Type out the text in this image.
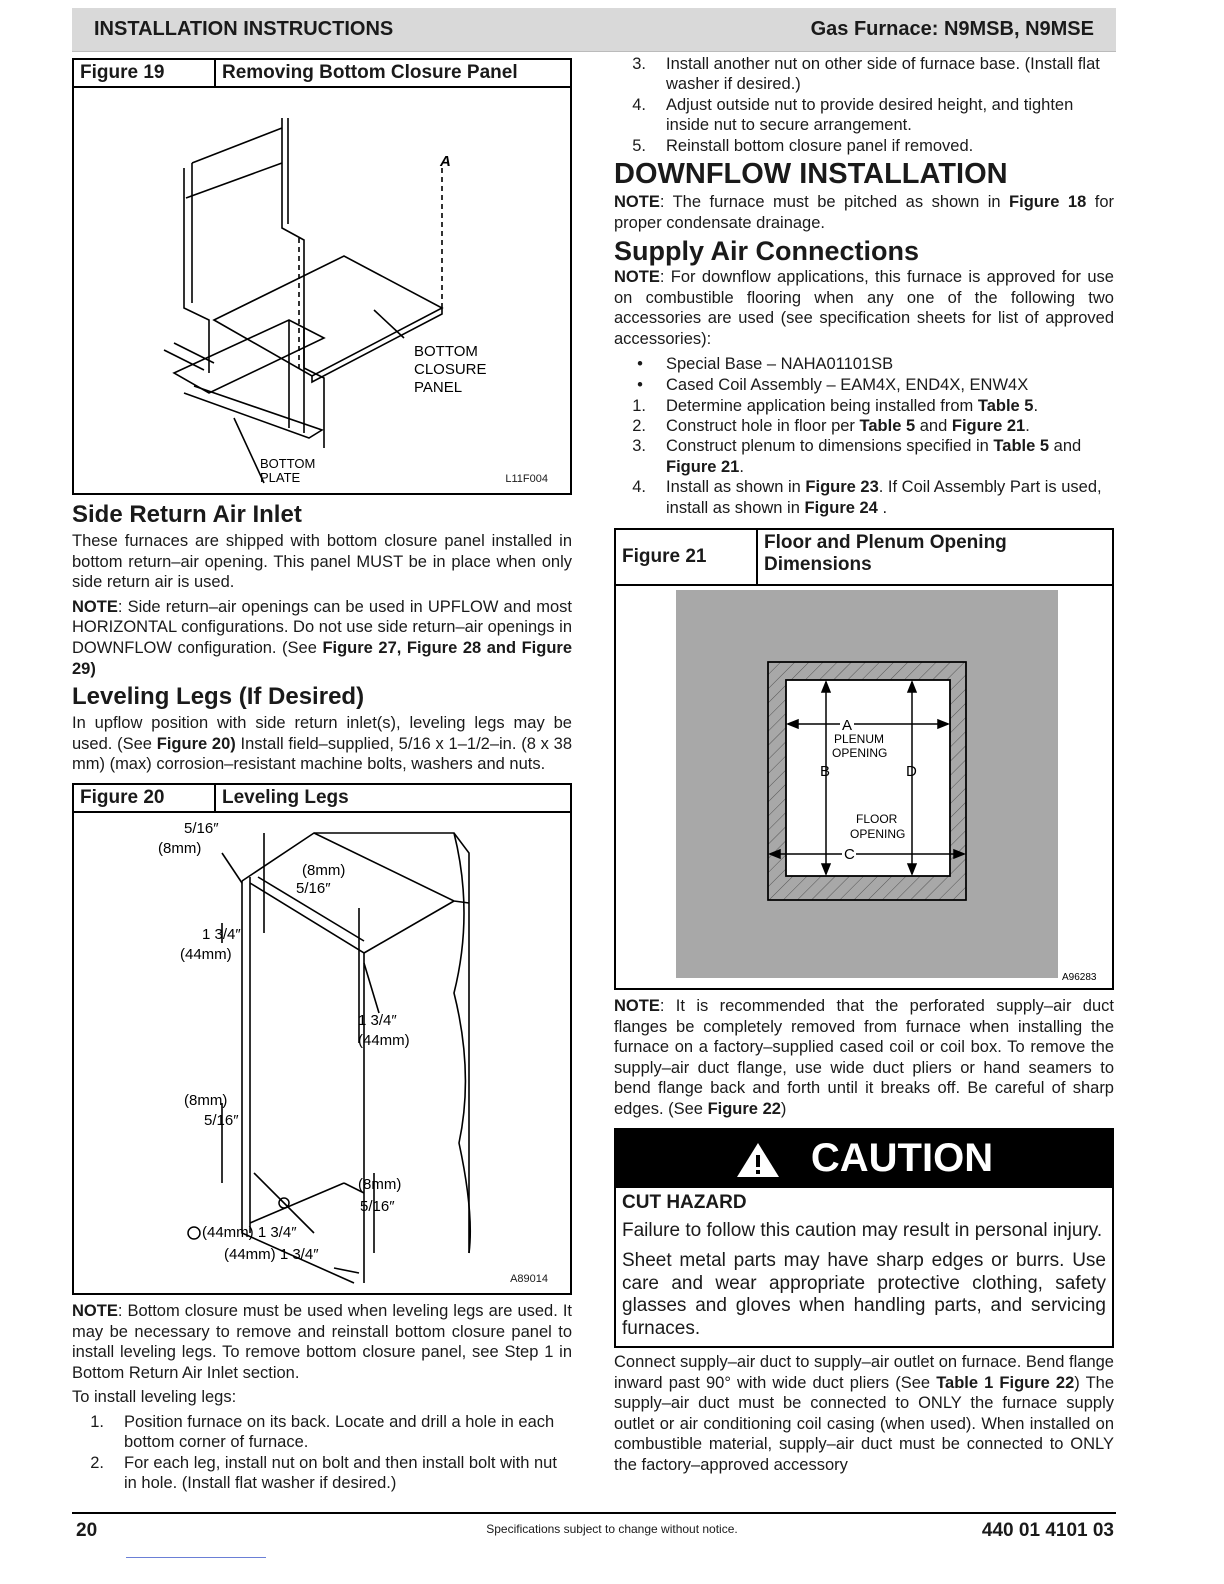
INSTALLATION INSTRUCTIONS	Gas Furnace: N9MSB, N9MSE
Figure 19	Removing Bottom Closure Panel
BOTTOM
CLOSURE
PANEL
A
BOTTOM
PLATE	L11F004
Side Return Air Inlet

These furnaces are shipped with bottom closure panel installed in bottom return–air opening. This panel MUST be in place when only side return air is used.

NOTE: Side return–air openings can be used in UPFLOW and most HORIZONTAL configurations. Do not use side return–air openings in DOWNFLOW configuration. (See Figure 27, Figure 28 and Figure 29)

Leveling Legs (If Desired)

In upflow position with side return inlet(s), leveling legs may be used. (See Figure 20) Install field–supplied, 5/16 x 1–1/2–in. (8 x 38 mm) (max) corrosion–resistant machine bolts, washers and nuts.

Figure 20	Leveling Legs
5/16″
(8mm)
(8mm)
5/16″
1 3/4″
(44mm)
1 3/4″
(44mm)
(8mm)
5/16″
(8mm)
5/16″
(44mm) 1 3/4″
(44mm) 1 3/4″
A89014

NOTE: Bottom closure must be used when leveling legs are used. It may be necessary to remove and reinstall bottom closure panel to install leveling legs. To remove bottom closure panel, see Step 1 in Bottom Return Air Inlet section.

To install leveling legs:

1.	Position furnace on its back. Locate and drill a hole in each bottom corner of furnace.
2.	For each leg, install nut on bolt and then install bolt with nut in hole. (Install flat washer if desired.)
3.	Install another nut on other side of furnace base. (Install flat washer if desired.)
4.	Adjust outside nut to provide desired height, and tighten inside nut to secure arrangement.
5.	Reinstall bottom closure panel if removed.
DOWNFLOW INSTALLATION

NOTE: The furnace must be pitched as shown in Figure 18 for proper condensate drainage.

Supply Air Connections

NOTE: For downflow applications, this furnace is approved for use on combustible flooring when any one of the following two accessories are used (see specification sheets for list of approved accessories):

•	Special Base – NAHA01101SB
•	Cased Coil Assembly – EAM4X, END4X, ENW4X
1.	Determine application being installed from Table 5.
2.	Construct hole in floor per Table 5 and Figure 21.
3.	Construct plenum to dimensions specified in Table 5 and Figure 21.
4.	Install as shown in Figure 23. If Coil Assembly Part is used, install as shown in Figure 24 .
Figure 21
Floor and Plenum Opening
Dimensions
A
B	D
C
PLENUM
OPENING
FLOOR
OPENING
A96283

NOTE: It is recommended that the perforated supply–air duct flanges be completely removed from furnace when installing the furnace on a factory–supplied cased coil or coil box. To remove the supply–air duct flange, use wide duct pliers or hand seamers to bend flange back and forth until it breaks off. Be careful of sharp edges. (See Figure 22)

CAUTION
CUT HAZARD

Failure to follow this caution may result in personal injury.

Sheet metal parts may have sharp edges or burrs. Use care and wear appropriate protective clothing, safety glasses and gloves when handling parts, and servicing furnaces.

Connect supply–air duct to supply–air outlet on furnace. Bend flange inward past 90° with wide duct pliers (See Table 1 Figure 22) The supply–air duct must be connected to ONLY the furnace supply outlet or air conditioning coil casing (when used). When installed on combustible material, supply–air duct must be connected to ONLY the factory–approved accessory

20	Specifications subject to change without notice.	440 01 4101 03
